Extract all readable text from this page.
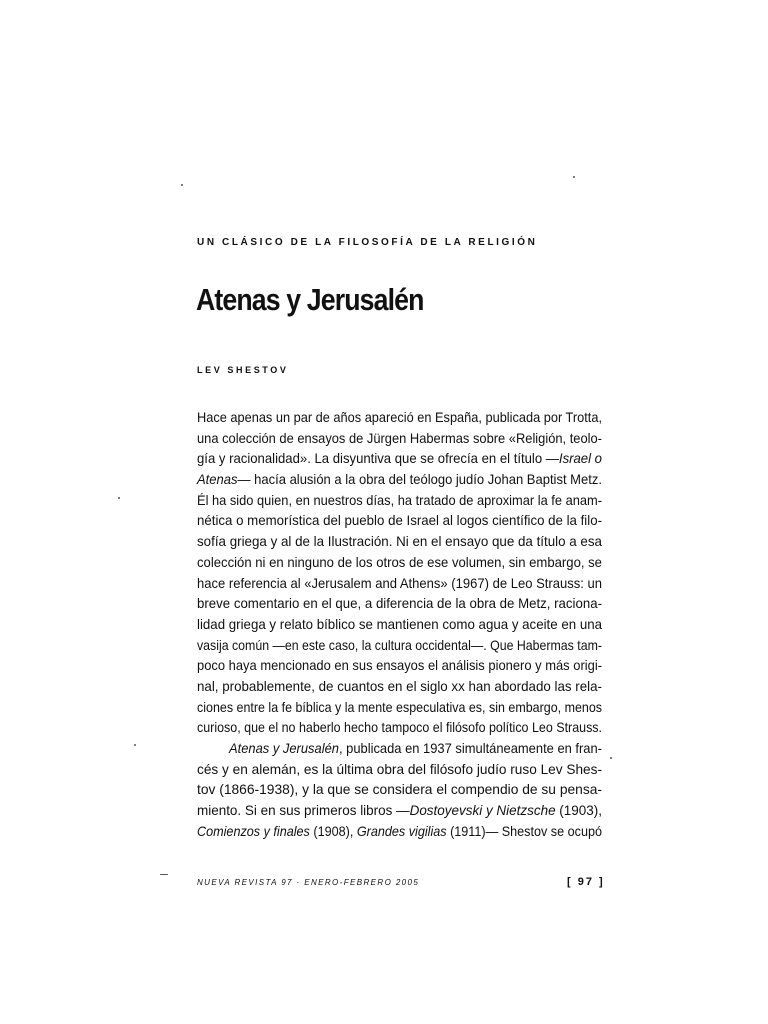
UN CLÁSICO DE LA FILOSOFÍA DE LA RELIGIÓN
Atenas y Jerusalén
LEV SHESTOV
Hace apenas un par de años apareció en España, publicada por Trotta,
una colección de ensayos de Jürgen Habermas sobre «Religión, teolo-
gía y racionalidad». La disyuntiva que se ofrecía en el título —Israel o
Atenas— hacía alusión a la obra del teólogo judío Johan Baptist Metz.
Él ha sido quien, en nuestros días, ha tratado de aproximar la fe anam-
nética o memorística del pueblo de Israel al logos científico de la filo-
sofía griega y al de la Ilustración. Ni en el ensayo que da título a esa
colección ni en ninguno de los otros de ese volumen, sin embargo, se
hace referencia al «Jerusalem and Athens» (1967) de Leo Strauss: un
breve comentario en el que, a diferencia de la obra de Metz, raciona-
lidad griega y relato bíblico se mantienen como agua y aceite en una
vasija común —en este caso, la cultura occidental—. Que Habermas tam-
poco haya mencionado en sus ensayos el análisis pionero y más origi-
nal, probablemente, de cuantos en el siglo xx han abordado las rela-
ciones entre la fe bíblica y la mente especulativa es, sin embargo, menos
curioso, que el no haberlo hecho tampoco el filósofo político Leo Strauss.
Atenas y Jerusalén, publicada en 1937 simultáneamente en fran-
cés y en alemán, es la última obra del filósofo judío ruso Lev Shes-
tov (1866-1938), y la que se considera el compendio de su pensa-
miento. Si en sus primeros libros —Dostoyevski y Nietzsche (1903),
Comienzos y finales (1908), Grandes vigilias (1911)— Shestov se ocupó
NUEVA REVISTA 97 · ENERO-FEBRERO 2005	[ 97 ]
